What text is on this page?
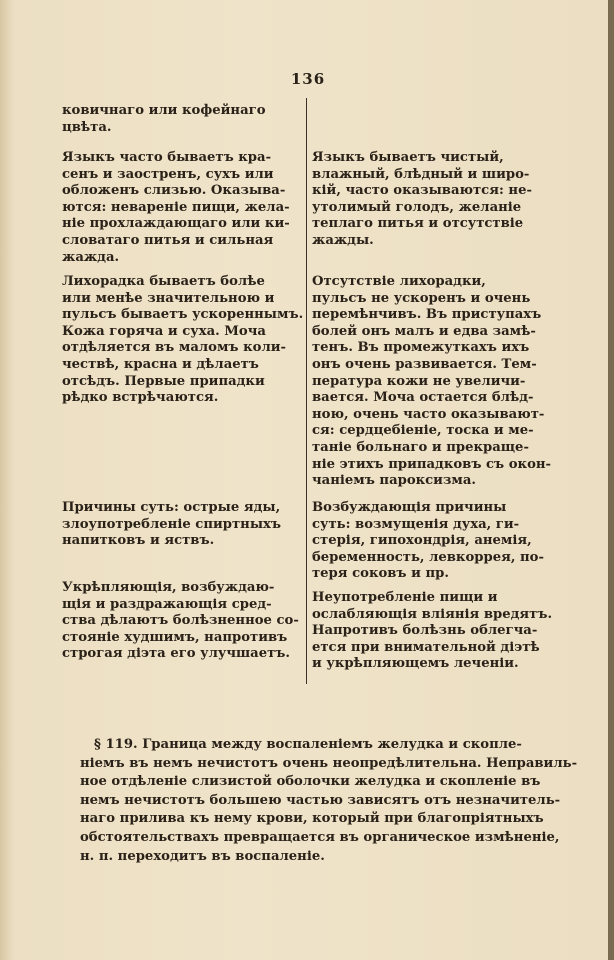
136

ковичнаго или кофейнаго
цвѣта.

Языкъ часто бываетъ кра-
сенъ и заостренъ, сухъ или
обложенъ слизью. Оказыва-
ются: невареніе пищи, жела-
ніе прохлаждающаго или ки-
словатаго питья и сильная
жажда.

Лихорадка бываетъ болѣе
или менѣе значительною и
пульсъ бываетъ ускореннымъ.
Кожа горяча и суха. Моча
отдѣляется въ маломъ коли-
чествѣ, красна и дѣлаетъ
отсѣдъ. Первые припадки
рѣдко встрѣчаются.

Причины суть: острые яды,
злоупотребленіе спиртныхъ
напитковъ и яствъ.

Укрѣпляющія, возбуждаю-
щія и раздражающія сред-
ства дѣлаютъ болѣзненное со-
стояніе худшимъ, напротивъ
строгая діэта его улучшаетъ.

Языкъ бываетъ чистый,
влажный, блѣдный и широ-
кій, часто оказываются: не-
утолимый голодъ, желаніе
теплаго питья и отсутствіе
жажды.

Отсутствіе лихорадки,
пульсъ не ускоренъ и очень
перемѣнчивъ. Въ приступахъ
болей онъ малъ и едва замѣ-
тенъ. Въ промежуткахъ ихъ
онъ очень развивается. Тем-
пература кожи не увеличи-
вается. Моча остается блѣд-
ною, очень часто оказывают-
ся: сердцебіеніе, тоска и ме-
таніе больнаго и прекраще-
ніе этихъ припадковъ съ окон-
чаніемъ пароксизма.

Возбуждающія причины
суть: возмущенія духа, ги-
стерія, гипохондрія, анемія,
беременность, левкоррея, по-
теря соковъ и пр.

Неупотребленіе пищи и
ослабляющія вліянія вредятъ.
Напротивъ болѣзнь облегча-
ется при внимательной діэтѣ
и укрѣпляющемъ леченіи.

§ 119. Граница между воспаленіемъ желудка и скопле-
ніемъ въ немъ нечистотъ очень неопредѣлительна. Неправиль-
ное отдѣленіе слизистой оболочки желудка и скопленіе въ
немъ нечистотъ большею частью зависятъ отъ незначитель-
наго прилива къ нему крови, который при благопріятныхъ
обстоятельствахъ превращается въ органическое измѣненіе,
н. п. переходитъ въ воспаленіе.
